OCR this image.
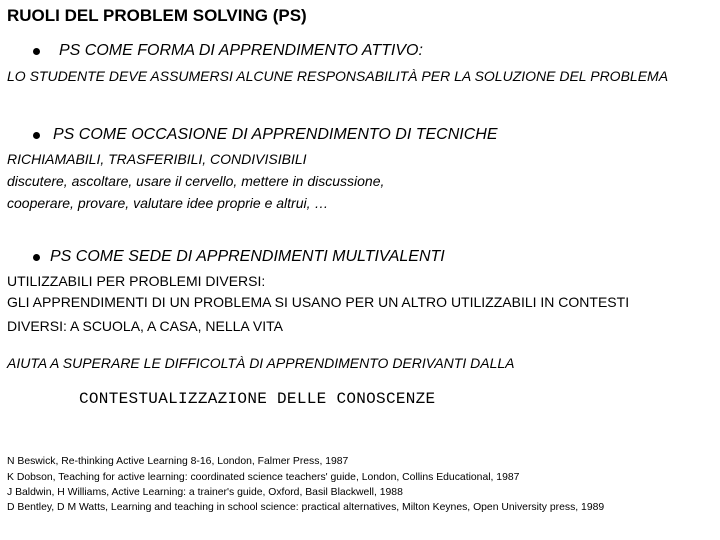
RUOLI DEL PROBLEM SOLVING (PS)
PS COME FORMA DI APPRENDIMENTO ATTIVO:
LO STUDENTE DEVE ASSUMERSI ALCUNE RESPONSABILITÀ PER LA SOLUZIONE DEL PROBLEMA
PS COME OCCASIONE DI APPRENDIMENTO DI TECNICHE
RICHIAMABILI, TRASFERIBILI, CONDIVISIBILI
discutere, ascoltare, usare il cervello, mettere in discussione,
cooperare, provare, valutare idee proprie e altrui, …
PS COME SEDE DI APPRENDIMENTI MULTIVALENTI
UTILIZZABILI PER PROBLEMI DIVERSI:
GLI APPRENDIMENTI DI UN PROBLEMA SI USANO PER UN ALTRO UTILIZZABILI IN CONTESTI
DIVERSI: A SCUOLA, A CASA, NELLA VITA
AIUTA A SUPERARE LE DIFFICOLTÀ DI APPRENDIMENTO DERIVANTI DALLA
CONTESTUALIZZAZIONE DELLE CONOSCENZE
N Beswick, Re-thinking Active Learning 8-16, London, Falmer Press, 1987
K Dobson, Teaching for active learning: coordinated science teachers' guide, London, Collins Educational, 1987
J Baldwin, H Williams, Active Learning: a trainer's guide, Oxford, Basil Blackwell, 1988
D Bentley, D M Watts, Learning and teaching in school science: practical alternatives, Milton Keynes, Open University press, 1989
